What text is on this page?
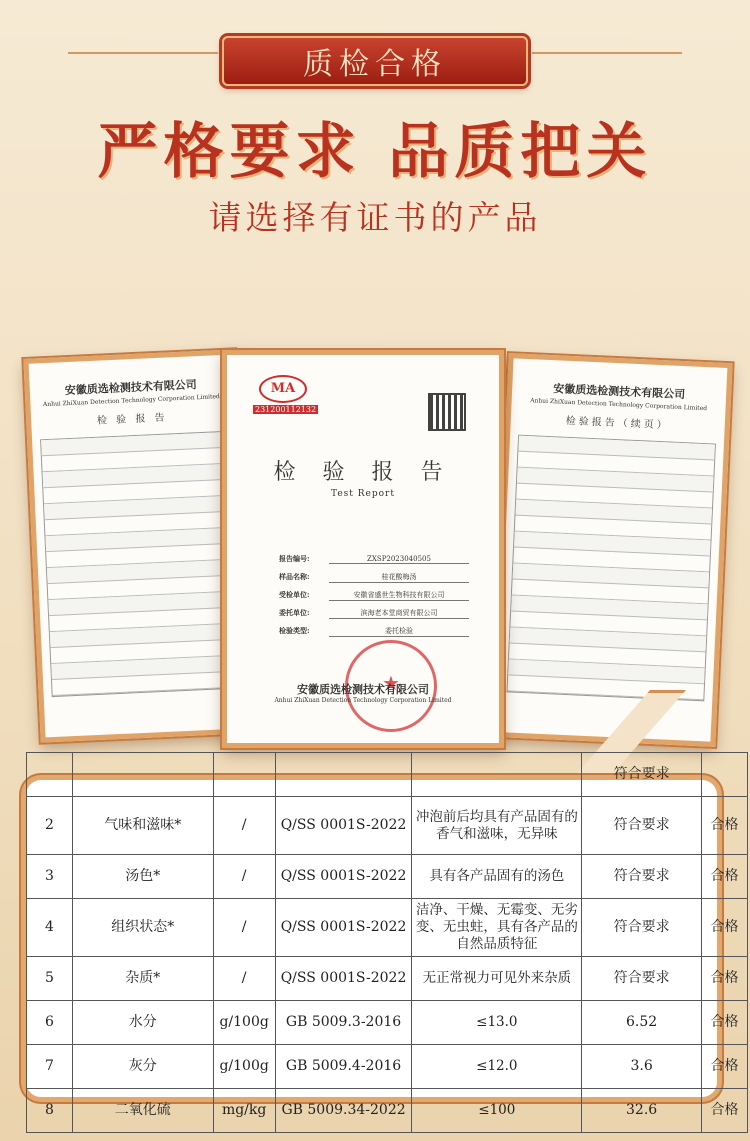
质检合格
严格要求 品质把关
请选择有证书的产品
安徽质选检测技术有限公司
Anhui ZhiXuan Detection Technology Corporation Limited
检 验 报 告
安徽质选检测技术有限公司
Anhui ZhiXuan Detection Technology Corporation Limited
检验报告（续页）
MA
231200112132
检 验 报 告
Test Report
报告编号:	ZXSP2023040505
样品名称:	桂花酸梅汤
受检单位:	安徽省盛世生物科技有限公司
委托单位:	滨海老本堂商贸有限公司
检验类型:	委托检验
★
安徽质选检测技术有限公司
Anhui ZhiXuan Detection Technology Corporation Limited
					符合要求	
2	气味和滋味*	/	Q/SS 0001S-2022	冲泡前后均具有产品固有的香气和滋味，无异味	符合要求	合格
3	汤色*	/	Q/SS 0001S-2022	具有各产品固有的汤色	符合要求	合格
4	组织状态*	/	Q/SS 0001S-2022	洁净、干燥、无霉变、无劣变、无虫蛀，具有各产品的自然品质特征	符合要求	合格
5	杂质*	/	Q/SS 0001S-2022	无正常视力可见外来杂质	符合要求	合格
6	水分	g/100g	GB 5009.3-2016	≤13.0	6.52	合格
7	灰分	g/100g	GB 5009.4-2016	≤12.0	3.6	合格
8	二氧化硫	mg/kg	GB 5009.34-2022	≤100	32.6	合格
